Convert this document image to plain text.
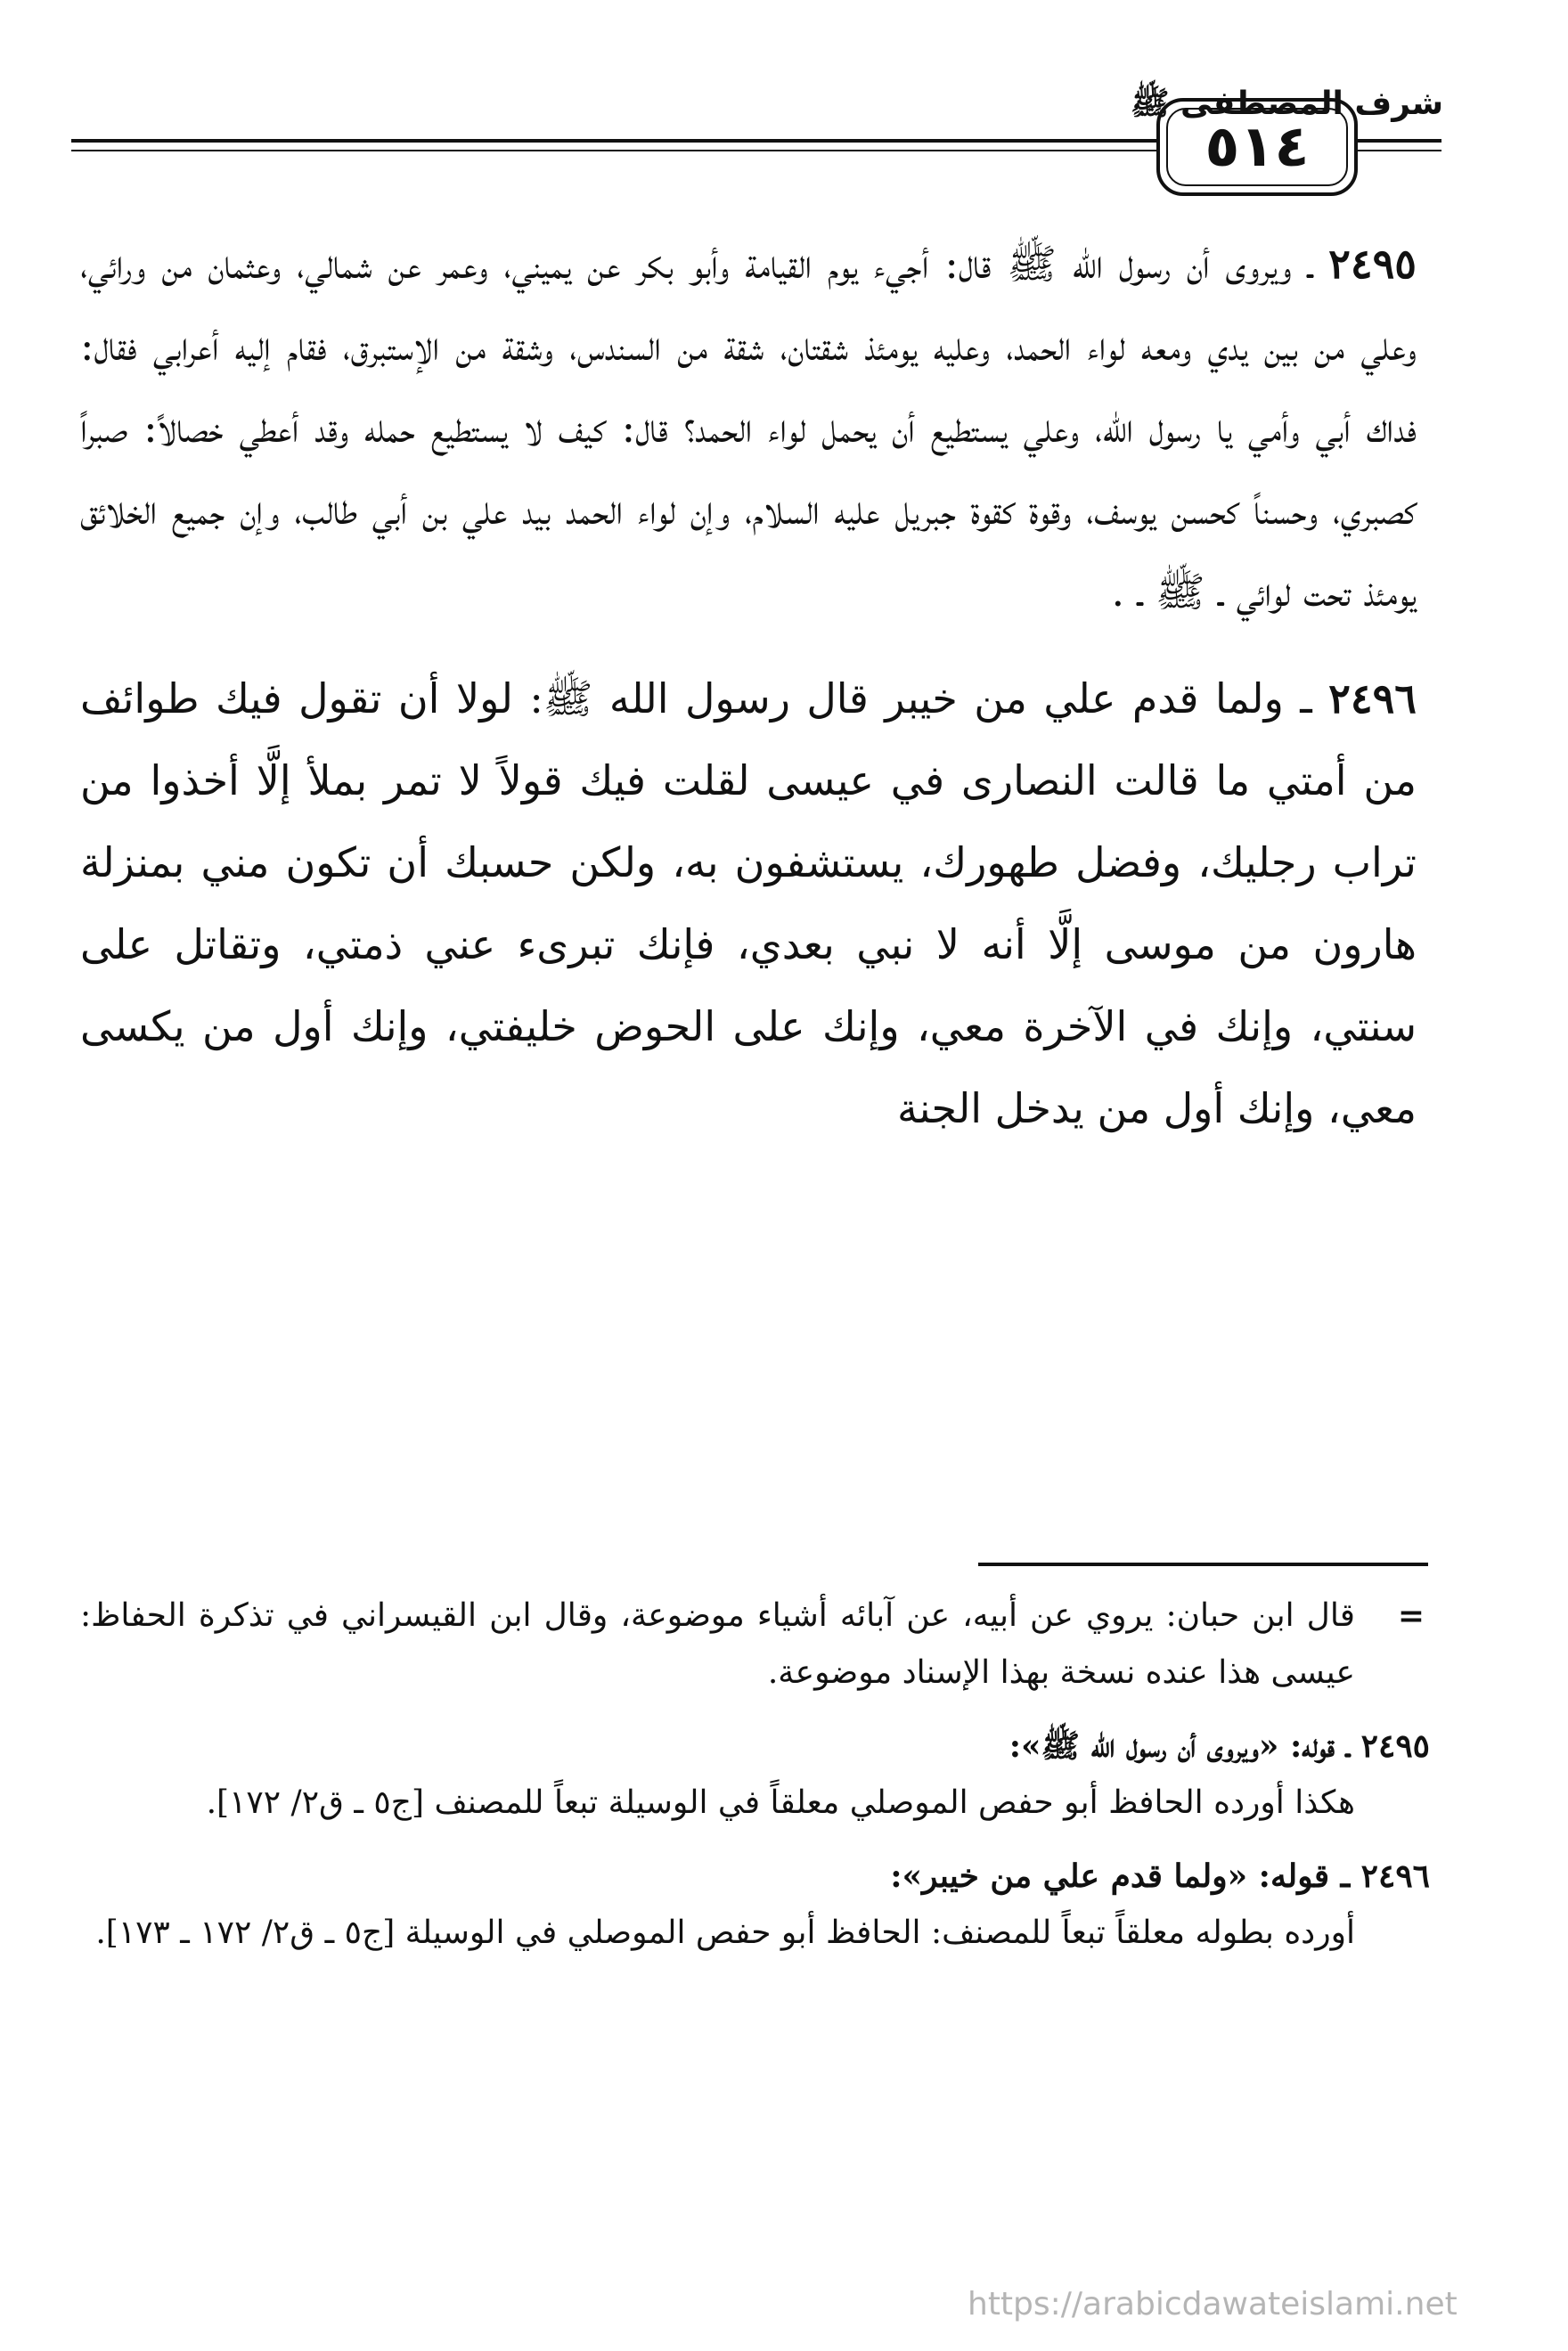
شرف المصطفى ﷺ
٥١٤

٢٤٩٥ ـ ويروى أن رسول الله ﷺ قال: أجيء يوم القيامة وأبو بكر عن يميني، وعمر عن شمالي، وعثمان من ورائي، وعلي من بين يدي ومعه لواء الحمد، وعليه يومئذ شقتان، شقة من السندس، وشقة من الإستبرق، فقام إليه أعرابي فقال: فداك أبي وأمي يا رسول الله، وعلي يستطيع أن يحمل لواء الحمد؟ قال: كيف لا يستطيع حمله وقد أعطي خصالاً: صبراً كصبري، وحسناً كحسن يوسف، وقوة كقوة جبريل عليه السلام، وإن لواء الحمد بيد علي بن أبي طالب، وإن جميع الخلائق يومئذ تحت لوائي ـ ﷺ ـ .

٢٤٩٦ ـ ولما قدم علي من خيبر قال رسول الله ﷺ: لولا أن تقول فيك طوائف من أمتي ما قالت النصارى في عيسى لقلت فيك قولاً لا تمر بملأ إلَّا أخذوا من تراب رجليك، وفضل طهورك، يستشفون به، ولكن حسبك أن تكون مني بمنزلة هارون من موسى إلَّا أنه لا نبي بعدي، فإنك تبرىء عني ذمتي، وتقاتل على سنتي، وإنك في الآخرة معي، وإنك على الحوض خليفتي، وإنك أول من يكسى معي، وإنك أول من يدخل الجنة

=
قال ابن حبان: يروي عن أبيه، عن آبائه أشياء موضوعة، وقال ابن القيسراني في تذكرة الحفاظ: عيسى هذا عنده نسخة بهذا الإسناد موضوعة.

٢٤٩٥ ـ قوله: «ويروى أن رسول الله ﷺ»:

هكذا أورده الحافظ أبو حفص الموصلي معلقاً في الوسيلة تبعاً للمصنف [ج٥ ـ ق٢/ ١٧٢].

٢٤٩٦ ـ قوله: «ولما قدم علي من خيبر»:

أورده بطوله معلقاً تبعاً للمصنف: الحافظ أبو حفص الموصلي في الوسيلة [ج٥ ـ ق٢/ ١٧٢ ـ ١٧٣].

https://arabicdawateislami.net
